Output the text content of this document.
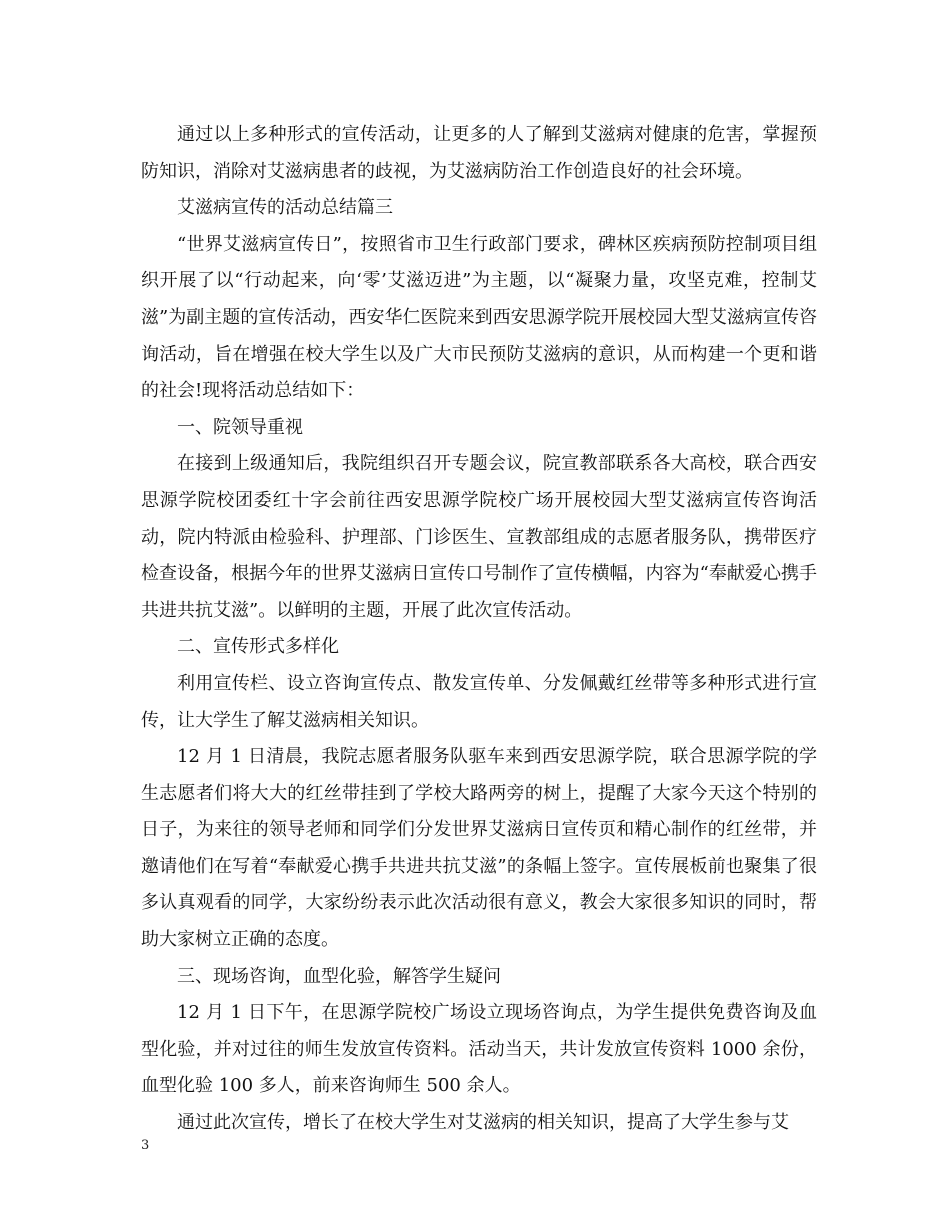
通过以上多种形式的宣传活动，让更多的人了解到艾滋病对健康的危害，掌握预防知识，消除对艾滋病患者的歧视，为艾滋病防治工作创造良好的社会环境。

艾滋病宣传的活动总结篇三

“世界艾滋病宣传日”，按照省市卫生行政部门要求，碑林区疾病预防控制项目组织开展了以“行动起来，向‘零’艾滋迈进”为主题，以“凝聚力量，攻坚克难，控制艾滋”为副主题的宣传活动，西安华仁医院来到西安思源学院开展校园大型艾滋病宣传咨询活动，旨在增强在校大学生以及广大市民预防艾滋病的意识，从而构建一个更和谐的社会!现将活动总结如下：

一、院领导重视

在接到上级通知后，我院组织召开专题会议，院宣教部联系各大高校，联合西安思源学院校团委红十字会前往西安思源学院校广场开展校园大型艾滋病宣传咨询活动，院内特派由检验科、护理部、门诊医生、宣教部组成的志愿者服务队，携带医疗检查设备，根据今年的世界艾滋病日宣传口号制作了宣传横幅，内容为“奉献爱心携手共进共抗艾滋”。以鲜明的主题，开展了此次宣传活动。

二、宣传形式多样化

利用宣传栏、设立咨询宣传点、散发宣传单、分发佩戴红丝带等多种形式进行宣传，让大学生了解艾滋病相关知识。

12 月 1 日清晨，我院志愿者服务队驱车来到西安思源学院，联合思源学院的学生志愿者们将大大的红丝带挂到了学校大路两旁的树上，提醒了大家今天这个特别的日子，为来往的领导老师和同学们分发世界艾滋病日宣传页和精心制作的红丝带，并邀请他们在写着“奉献爱心携手共进共抗艾滋”的条幅上签字。宣传展板前也聚集了很多认真观看的同学，大家纷纷表示此次活动很有意义，教会大家很多知识的同时，帮助大家树立正确的态度。

三、现场咨询，血型化验，解答学生疑问

12 月 1 日下午，在思源学院校广场设立现场咨询点，为学生提供免费咨询及血型化验，并对过往的师生发放宣传资料。活动当天，共计发放宣传资料 1000 余份，血型化验 100 多人，前来咨询师生 500 余人。

通过此次宣传，增长了在校大学生对艾滋病的相关知识，提高了大学生参与艾

3
